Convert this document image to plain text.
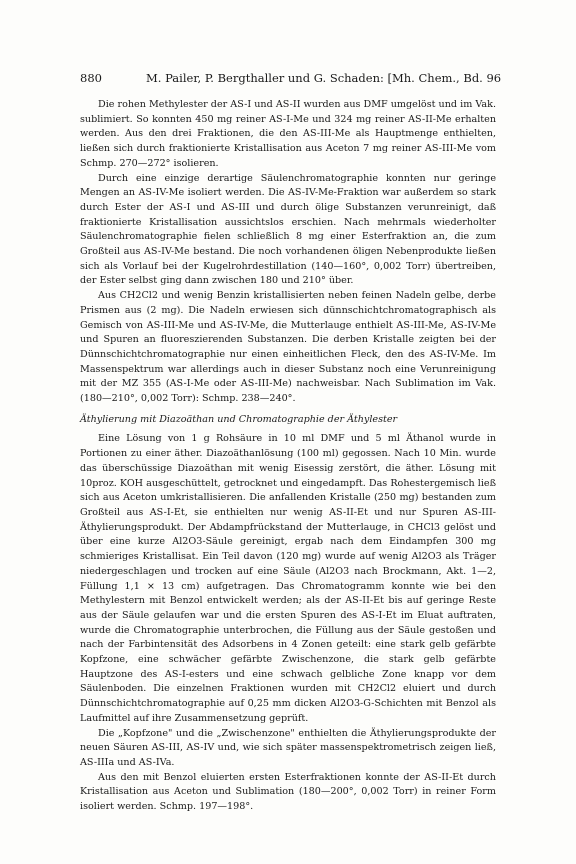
880	M. Pailer, P. Bergthaller und G. Schaden: [Mh. Chem., Bd. 96

Die rohen Methylester der AS-I und AS-II wurden aus DMF umgelöst und im Vak. sublimiert. So konnten 450 mg reiner AS-I-Me und 324 mg reiner AS-II-Me erhalten werden. Aus den drei Fraktionen, die den AS-III-Me als Hauptmenge enthielten, ließen sich durch fraktionierte Kristallisation aus Aceton 7 mg reiner AS-III-Me vom Schmp. 270—272° isolieren.

Durch eine einzige derartige Säulenchromatographie konnten nur geringe Mengen an AS-IV-Me isoliert werden. Die AS-IV-Me-Fraktion war außerdem so stark durch Ester der AS-I und AS-III und durch ölige Substanzen verunreinigt, daß fraktionierte Kristallisation aussichtslos erschien. Nach mehrmals wiederholter Säulenchromatographie fielen schließlich 8 mg einer Esterfraktion an, die zum Großteil aus AS-IV-Me bestand. Die noch vorhandenen öligen Nebenprodukte ließen sich als Vorlauf bei der Kugelrohrdestillation (140—160°, 0,002 Torr) übertreiben, der Ester selbst ging dann zwischen 180 und 210° über.

Aus CH2Cl2 und wenig Benzin kristallisierten neben feinen Nadeln gelbe, derbe Prismen aus (2 mg). Die Nadeln erwiesen sich dünnschichtchromatographisch als Gemisch von AS-III-Me und AS-IV-Me, die Mutterlauge enthielt AS-III-Me, AS-IV-Me und Spuren an fluoreszierenden Substanzen. Die derben Kristalle zeigten bei der Dünnschichtchromatographie nur einen einheitlichen Fleck, den des AS-IV-Me. Im Massenspektrum war allerdings auch in dieser Substanz noch eine Verunreinigung mit der MZ 355 (AS-I-Me oder AS-III-Me) nachweisbar. Nach Sublimation im Vak. (180—210°, 0,002 Torr): Schmp. 238—240°.

Äthylierung mit Diazoäthan und Chromatographie der Äthylester

Eine Lösung von 1 g Rohsäure in 10 ml DMF und 5 ml Äthanol wurde in Portionen zu einer äther. Diazoäthanlösung (100 ml) gegossen. Nach 10 Min. wurde das überschüssige Diazoäthan mit wenig Eisessig zerstört, die äther. Lösung mit 10proz. KOH ausgeschüttelt, getrocknet und eingedampft. Das Rohestergemisch ließ sich aus Aceton umkristallisieren. Die anfallenden Kristalle (250 mg) bestanden zum Großteil aus AS-I-Et, sie enthielten nur wenig AS-II-Et und nur Spuren AS-III-Äthylierungsprodukt. Der Abdampfrückstand der Mutterlauge, in CHCl3 gelöst und über eine kurze Al2O3-Säule gereinigt, ergab nach dem Eindampfen 300 mg schmieriges Kristallisat. Ein Teil davon (120 mg) wurde auf wenig Al2O3 als Träger niedergeschlagen und trocken auf eine Säule (Al2O3 nach Brockmann, Akt. 1—2, Füllung 1,1 × 13 cm) aufgetragen. Das Chromatogramm konnte wie bei den Methylestern mit Benzol entwickelt werden; als der AS-II-Et bis auf geringe Reste aus der Säule gelaufen war und die ersten Spuren des AS-I-Et im Eluat auftraten, wurde die Chromatographie unterbrochen, die Füllung aus der Säule gestoßen und nach der Farbintensität des Adsorbens in 4 Zonen geteilt: eine stark gelb gefärbte Kopfzone, eine schwächer gefärbte Zwischenzone, die stark gelb gefärbte Hauptzone des AS-I-esters und eine schwach gelbliche Zone knapp vor dem Säulenboden. Die einzelnen Fraktionen wurden mit CH2Cl2 eluiert und durch Dünnschichtchromatographie auf 0,25 mm dicken Al2O3-G-Schichten mit Benzol als Laufmittel auf ihre Zusammensetzung geprüft.

Die „Kopfzone" und die „Zwischenzone" enthielten die Äthylierungsprodukte der neuen Säuren AS-III, AS-IV und, wie sich später massenspektrometrisch zeigen ließ, AS-IIIa und AS-IVa.

Aus den mit Benzol eluierten ersten Esterfraktionen konnte der AS-II-Et durch Kristallisation aus Aceton und Sublimation (180—200°, 0,002 Torr) in reiner Form isoliert werden. Schmp. 197—198°.
